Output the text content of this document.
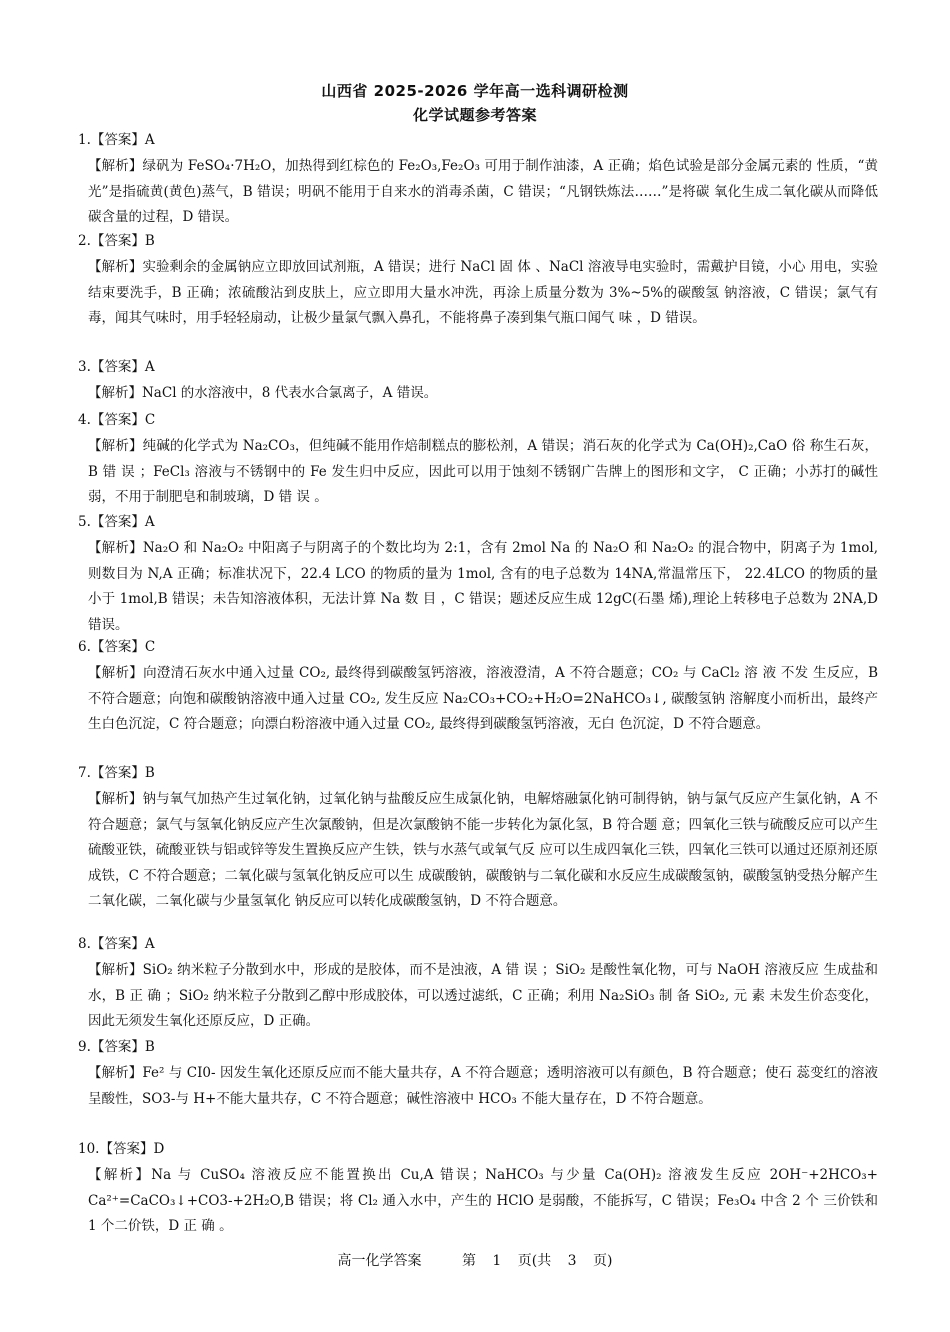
山西省 2025-2026 学年高一选科调研检测
化学试题参考答案
1.【答案】A
【解析】绿矾为 FeSO₄·7H₂O，加热得到红棕色的 Fe₂O₃,Fe₂O₃ 可用于制作油漆，A 正确；焰色试验是部分金属元素的 性质，“黄光”是指硫黄(黄色)蒸气，B 错误；明矾不能用于自来水的消毒杀菌，C 错误；“凡钢铁炼法……”是将碳 氧化生成二氧化碳从而降低碳含量的过程，D 错误。
2.【答案】B
【解析】实验剩余的金属钠应立即放回试剂瓶，A 错误；进行 NaCl 固 体 、NaCl 溶液导电实验时，需戴护目镜，小心 用电，实验结束要洗手，B 正确；浓硫酸沾到皮肤上，应立即用大量水冲洗，再涂上质量分数为 3%~5%的碳酸氢 钠溶液，C 错误；氯气有毒，闻其气味时，用手轻轻扇动，让极少量氯气飘入鼻孔，不能将鼻子凑到集气瓶口闻气 味 ，D 错误。
3.【答案】A
【解析】NaCl 的水溶液中，8 代表水合氯离子，A 错误。
4.【答案】C
【解析】纯碱的化学式为 Na₂CO₃，但纯碱不能用作焙制糕点的膨松剂，A 错误；消石灰的化学式为 Ca(OH)₂,CaO 俗 称生石灰，B 错 误 ；FeCl₃ 溶液与不锈钢中的 Fe 发生归中反应，因此可以用于蚀刻不锈钢广告牌上的图形和文字， C 正确；小苏打的碱性弱，不用于制肥皂和制玻璃，D 错 误 。
5.【答案】A
【解析】Na₂O 和 Na₂O₂ 中阳离子与阴离子的个数比均为 2:1，含有 2mol Na 的 Na₂O 和 Na₂O₂ 的混合物中，阴离子为 1mol, 则数目为 N,A 正确；标准状况下，22.4 LCO 的物质的量为 1mol, 含有的电子总数为 14NA,常温常压下， 22.4LCO 的物质的量小于 1mol,B 错误；未告知溶液体积，无法计算 Na 数 目 ，C 错误；题述反应生成 12gC(石墨 烯),理论上转移电子总数为 2NA,D 错误。
6.【答案】C
【解析】向澄清石灰水中通入过量 CO₂, 最终得到碳酸氢钙溶液，溶液澄清，A 不符合题意；CO₂ 与 CaCl₂ 溶 液 不发 生反应，B 不符合题意；向饱和碳酸钠溶液中通入过量 CO₂, 发生反应 Na₂CO₃+CO₂+H₂O=2NaHCO₃↓, 碳酸氢钠 溶解度小而析出，最终产生白色沉淀，C 符合题意；向漂白粉溶液中通入过量 CO₂, 最终得到碳酸氢钙溶液，无白 色沉淀，D 不符合题意。
7.【答案】B
【解析】钠与氧气加热产生过氧化钠，过氧化钠与盐酸反应生成氯化钠，电解熔融氯化钠可制得钠，钠与氯气反应产生氯化钠，A 不符合题意；氯气与氢氧化钠反应产生次氯酸钠，但是次氯酸钠不能一步转化为氯化氢，B 符合题 意；四氧化三铁与硫酸反应可以产生硫酸亚铁，硫酸亚铁与铝或锌等发生置换反应产生铁，铁与水蒸气或氧气反 应可以生成四氧化三铁，四氧化三铁可以通过还原剂还原成铁，C 不符合题意；二氧化碳与氢氧化钠反应可以生 成碳酸钠，碳酸钠与二氧化碳和水反应生成碳酸氢钠，碳酸氢钠受热分解产生二氧化碳，二氧化碳与少量氢氧化 钠反应可以转化成碳酸氢钠，D 不符合题意。
8.【答案】A
【解析】SiO₂ 纳米粒子分散到水中，形成的是胶体，而不是浊液，A 错 误 ；SiO₂ 是酸性氧化物，可与 NaOH 溶液反应 生成盐和水，B 正 确 ；SiO₂ 纳米粒子分散到乙醇中形成胶体，可以透过滤纸，C 正确；利用 Na₂SiO₃ 制 备 SiO₂, 元 素 未发生价态变化，因此无须发生氧化还原反应，D 正确。
9.【答案】B
【解析】Fe² 与 CI0- 因发生氧化还原反应而不能大量共存，A 不符合题意；透明溶液可以有颜色，B 符合题意；使石 蕊变红的溶液呈酸性，SO3-与 H+不能大量共存，C 不符合题意；碱性溶液中 HCO₃ 不能大量存在，D 不符合题意。
10.【答案】D
【解析】Na 与 CuSO₄ 溶液反应不能置换出 Cu,A 错误；NaHCO₃ 与少量 Ca(OH)₂ 溶液发生反应 2OH⁻+2HCO₃+ Ca²⁺=CaCO₃↓+CO3-+2H₂O,B 错误；将 Cl₂ 通入水中，产生的 HClO 是弱酸，不能拆写，C 错误；Fe₃O₄ 中含 2 个 三价铁和 1 个二价铁，D 正 确 。
高一化学答案	第 1 页(共 3 页)
